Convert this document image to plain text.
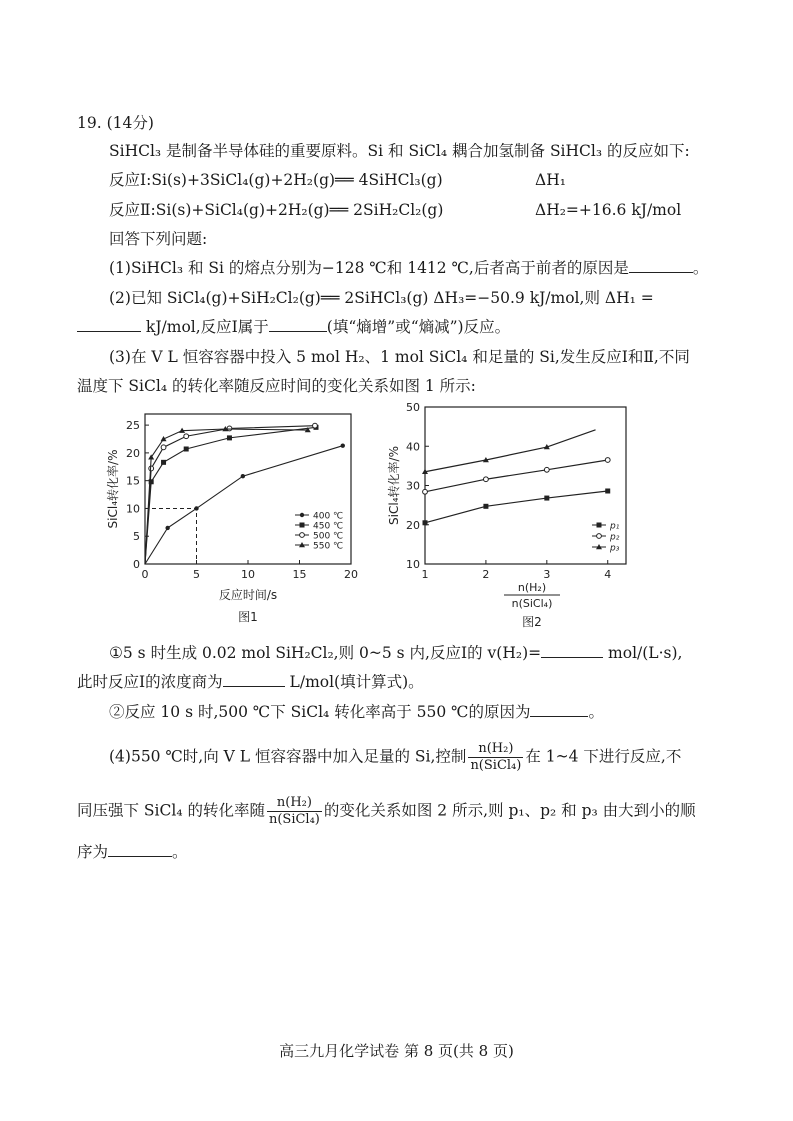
19. (14分)
SiHCl₃ 是制备半导体硅的重要原料。Si 和 SiCl₄ 耦合加氢制备 SiHCl₃ 的反应如下:
反应Ⅰ:Si(s)+3SiCl₄(g)+2H₂(g)══ 4SiHCl₃(g)	ΔH₁
反应Ⅱ:Si(s)+SiCl₄(g)+2H₂(g)══ 2SiH₂Cl₂(g)	ΔH₂=+16.6 kJ/mol
回答下列问题:
(1)SiHCl₃ 和 Si 的熔点分别为−128 ℃和 1412 ℃,后者高于前者的原因是	。
(2)已知 SiCl₄(g)+SiH₂Cl₂(g)══ 2SiHCl₃(g) ΔH₃=−50.9 kJ/mol,则 ΔH₁ =
kJ/mol,反应Ⅰ属于	(填“熵增”或“熵减”)反应。
(3)在 V L 恒容容器中投入 5 mol H₂、1 mol SiCl₄ 和足量的 Si,发生反应Ⅰ和Ⅱ,不同
温度下 SiCl₄ 的转化率随反应时间的变化关系如图 1 所示:
0	5	10	15	20
0
5
10
15
20
25
反应时间/s
SiCl₄转化率/%
图1
400 ℃
450 ℃
500 ℃
550 ℃
1	2	3	4
10
20
30
40
50
n(H₂)
n(SiCl₄)
SiCl₄转化率/%
图2
p₁
p₂
p₃
①5 s 时生成 0.02 mol SiH₂Cl₂,则 0~5 s 内,反应Ⅰ的 v(H₂)=	mol/(L·s),
此时反应Ⅰ的浓度商为	L/mol(填计算式)。
②反应 10 s 时,500 ℃下 SiCl₄ 转化率高于 550 ℃的原因为	。
(4)550 ℃时,向 V L 恒容容器中加入足量的 Si,控制 $\frac{\text{n(H₂)}}{\text{n(SiCl₄)}}$ 在 1~4 下进行反应,不
同压强下 SiCl₄ 的转化率随 $\frac{\text{n(H₂)}}{\text{n(SiCl₄)}}$ 的变化关系如图 2 所示,则 p₁、p₂ 和 p₃ 由大到小的顺
序为	。
高三九月化学试卷 第 8 页(共 8 页)
